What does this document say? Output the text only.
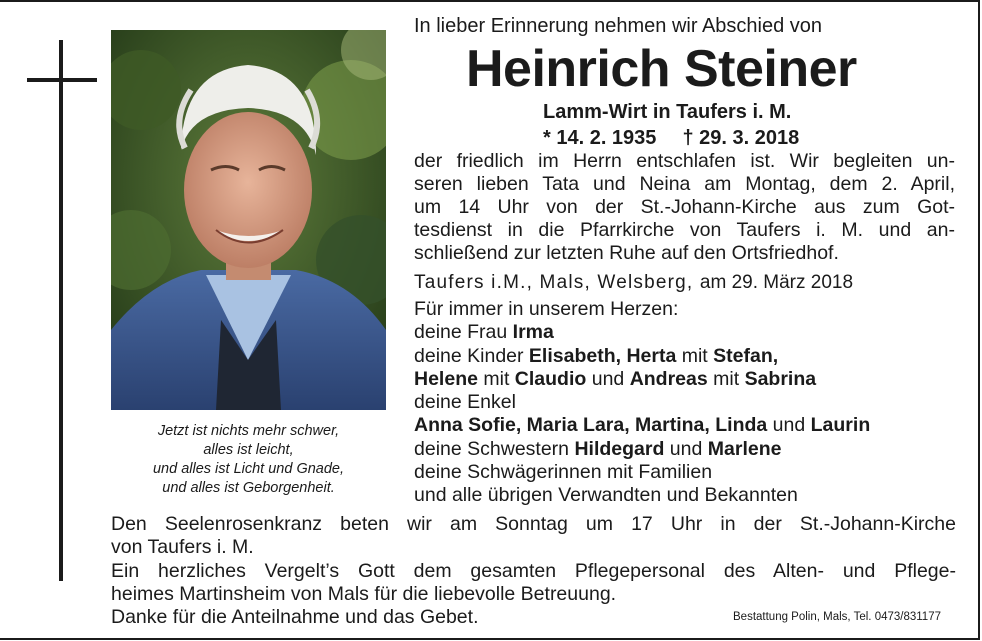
Jetzt ist nichts mehr schwer,
alles ist leicht,
und alles ist Licht und Gnade,
und alles ist Geborgenheit.
In lieber Erinnerung nehmen wir Abschied von
Heinrich Steiner
Lamm-Wirt in Taufers i. M.
* 14. 2. 1935 † 29. 3. 2018
der friedlich im Herrn entschlafen ist. Wir begleiten un-
seren lieben Tata und Neina am Montag, dem 2. April,
um 14 Uhr von der St.-Johann-Kirche aus zum Got-
tesdienst in die Pfarrkirche von Taufers i. M. und an-
schließend zur letzten Ruhe auf den Ortsfriedhof.
Taufers i.M., Mals, Welsberg, am 29. März 2018
Für immer in unserem Herzen:
deine Frau Irma
deine Kinder Elisabeth, Herta mit Stefan,
Helene mit Claudio und Andreas mit Sabrina
deine Enkel
Anna Sofie, Maria Lara, Martina, Linda und Laurin
deine Schwestern Hildegard und Marlene
deine Schwägerinnen mit Familien
und alle übrigen Verwandten und Bekannten
Den Seelenrosenkranz beten wir am Sonntag um 17 Uhr in der St.-Johann-Kirche
von Taufers i. M.
Ein herzliches Vergelt’s Gott dem gesamten Pflegepersonal des Alten- und Pflege-
heimes Martinsheim von Mals für die liebevolle Betreuung.
Danke für die Anteilnahme und das Gebet.	Bestattung Polin, Mals, Tel. 0473/831177
